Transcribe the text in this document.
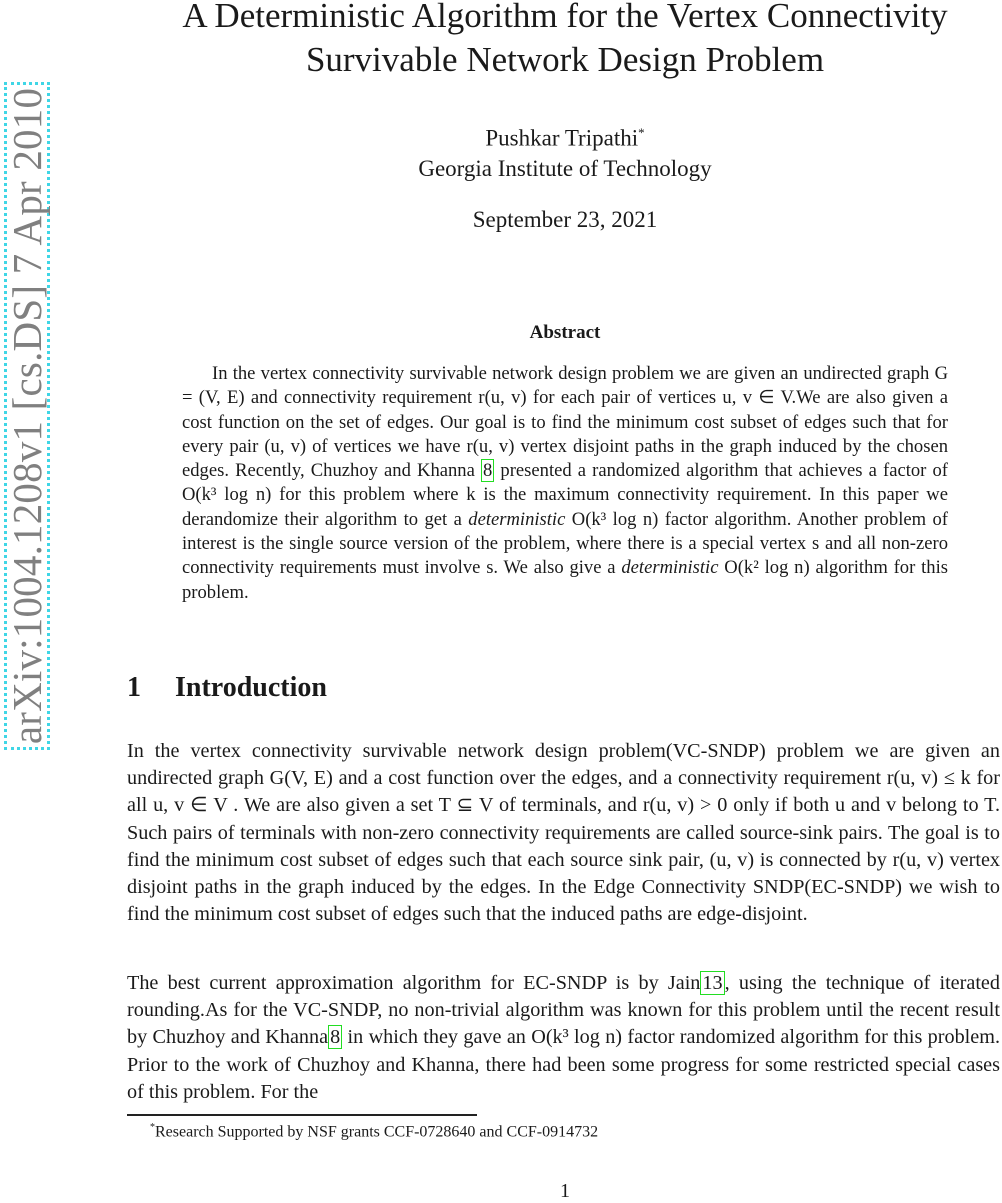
arXiv:1004.1208v1 [cs.DS] 7 Apr 2010
A Deterministic Algorithm for the Vertex Connectivity
Survivable Network Design Problem
Pushkar Tripathi*
Georgia Institute of Technology
September 23, 2021
Abstract
In the vertex connectivity survivable network design problem we are given an undirected graph G = (V, E) and connectivity requirement r(u, v) for each pair of vertices u, v ∈ V.We are also given a cost function on the set of edges. Our goal is to find the minimum cost subset of edges such that for every pair (u, v) of vertices we have r(u, v) vertex disjoint paths in the graph induced by the chosen edges. Recently, Chuzhoy and Khanna 8 presented a randomized algorithm that achieves a factor of O(k³ log n) for this problem where k is the maximum connectivity requirement. In this paper we derandomize their algorithm to get a deterministic O(k³ log n) factor algorithm. Another problem of interest is the single source version of the problem, where there is a special vertex s and all non-zero connectivity requirements must involve s. We also give a deterministic O(k² log n) algorithm for this problem.
1 Introduction
In the vertex connectivity survivable network design problem(VC-SNDP) problem we are given an undirected graph G(V, E) and a cost function over the edges, and a connectivity requirement r(u, v) ≤ k for all u, v ∈ V . We are also given a set T ⊆ V of terminals, and r(u, v) > 0 only if both u and v belong to T. Such pairs of terminals with non-zero connectivity requirements are called source-sink pairs. The goal is to find the minimum cost subset of edges such that each source sink pair, (u, v) is connected by r(u, v) vertex disjoint paths in the graph induced by the edges. In the Edge Connectivity SNDP(EC-SNDP) we wish to find the minimum cost subset of edges such that the induced paths are edge-disjoint.
The best current approximation algorithm for EC-SNDP is by Jain13, using the technique of iterated rounding.As for the VC-SNDP, no non-trivial algorithm was known for this problem until the recent result by Chuzhoy and Khanna8 in which they gave an O(k³ log n) factor randomized algorithm for this problem. Prior to the work of Chuzhoy and Khanna, there had been some progress for some restricted special cases of this problem. For the
*Research Supported by NSF grants CCF-0728640 and CCF-0914732
1
